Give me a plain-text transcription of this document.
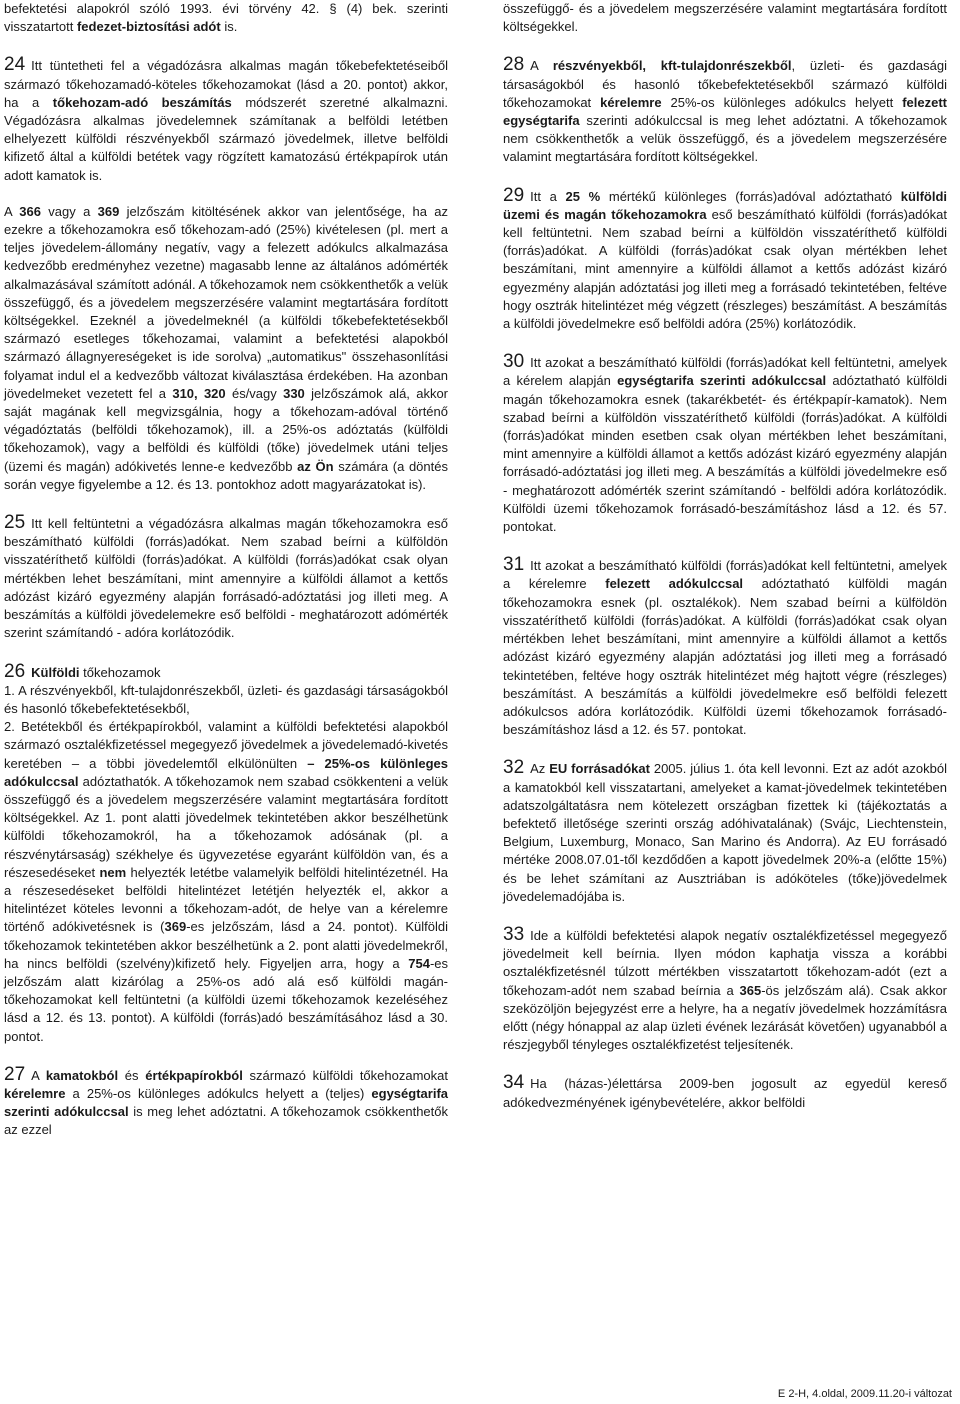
befektetési alapokról szóló 1993. évi törvény 42. § (4) bek. szerinti visszatartott fedezet-biztosítási adót is.

24 Itt tüntetheti fel a végadózásra alkalmas magán tőkebefektetéseiből származó tőkehozamadó-köteles tőkehozamokat (lásd a 20. pontot) akkor, ha a tőkehozam-adó beszámítás módszerét szeretné alkalmazni. Végadózásra alkalmas jövedelemnek számítanak a belföldi letétben elhelyezett külföldi részvényekből származó jövedelmek, illetve belföldi kifizető által a külföldi betétek vagy rögzített kamatozású értékpapírok után adott kamatok is.

A 366 vagy a 369 jelzőszám kitöltésének akkor van jelentősége, ha az ezekre a tőkehozamokra eső tőkehozam-adó (25%) kivételesen (pl. mert a teljes jövedelem-állomány negatív, vagy a felezett adókulcs alkalmazása kedvezőbb eredményhez vezetne) magasabb lenne az általános adómérték alkalmazásával számított adónál. A tőkehozamok nem csökkenthetők a velük összefüggő, és a jövedelem megszerzésére valamint megtartására fordított költségekkel. Ezeknél a jövedelmeknél (a külföldi tőkebefektetésekből származó esetleges tőkehozamai, valamint a befektetési alapokból származó állagnyereségeket is ide sorolva) „automatikus" összehasonlítási folyamat indul el a kedvezőbb változat kiválasztása érdekében. Ha azonban jövedelmeket vezetett fel a 310, 320 és/vagy 330 jelzőszámok alá, akkor saját magának kell megvizsgálnia, hogy a tőkehozam-adóval történő végadóztatás (belföldi tőkehozamok), ill. a 25%-os adóztatás (külföldi tőkehozamok), vagy a belföldi és külföldi (tőke) jövedelmek utáni teljes (üzemi és magán) adókivetés lenne-e kedvezőbb az Ön számára (a döntés során vegye figyelembe a 12. és 13. pontokhoz adott magyarázatokat is).

25 Itt kell feltüntetni a végadózásra alkalmas magán tőkehozamokra eső beszámítható külföldi (forrás)adókat. Nem szabad beírni a külföldön visszatéríthető külföldi (forrás)adókat. A külföldi (forrás)adókat csak olyan mértékben lehet beszámítani, mint amennyire a külföldi államot a kettős adózást kizáró egyezmény alapján forrásadó-adóztatási jog illeti meg. A beszámítás a külföldi jövedelemekre eső belföldi - meghatározott adómérték szerint számítandó - adóra korlátozódik.

26 Külföldi tőkehozamok
1. A részvényekből, kft-tulajdonrészekből, üzleti- és gazdasági társaságokból és hasonló tőkebefektetésekből,
2. Betétekből és értékpapírokból, valamint a külföldi befektetési alapokból származó osztalékfizetéssel megegyező jövedelmek a jövedelemadó-kivetés keretében – a többi jövedelemtől elkülönülten – 25%-os különleges adókulccsal adóztathatók. A tőkehozamok nem szabad csökkenteni a velük összefüggő és a jövedelem megszerzésére valamint megtartására fordított költségekkel. Az 1. pont alatti jövedelmek tekintetében akkor beszélhetünk külföldi tőkehozamokról, ha a tőkehozamok adósának (pl. a részvénytársaság) székhelye és ügyvezetése egyaránt külföldön van, és a részesedéseket nem helyezték letétbe valamelyik belföldi hitelintézetnél. Ha a részesedéseket belföldi hitelintézet letétjén helyezték el, akkor a hitelintézet köteles levonni a tőkehozam-adót, de helye van a kérelemre történő adókivetésnek is (369-es jelzőszám, lásd a 24. pontot). Külföldi tőkehozamok tekintetében akkor beszélhetünk a 2. pont alatti jövedelmekről, ha nincs belföldi (szelvény)kifizető hely. Figyeljen arra, hogy a 754-es jelzőszám alatt kizárólag a 25%-os adó alá eső külföldi magán-tőkehozamokat kell feltüntetni (a külföldi üzemi tőkehozamok kezeléséhez lásd a 12. és 13. pontot). A külföldi (forrás)adó beszámításához lásd a 30. pontot.

27 A kamatokból és értékpapírokból származó külföldi tőkehozamokat kérelemre a 25%-os különleges adókulcs helyett a (teljes) egységtarifa szerinti adókulccsal is meg lehet adóztatni. A tőkehozamok csökkenthetők az ezzel

összefüggő- és a jövedelem megszerzésére valamint megtartására fordított költségekkel.

28 A részvényekből, kft-tulajdonrészekből, üzleti- és gazdasági társaságokból és hasonló tőkebefektetésekből származó külföldi tőkehozamokat kérelemre 25%-os különleges adókulcs helyett felezett egységtarifa szerinti adókulccsal is meg lehet adóztatni. A tőkehozamok nem csökkenthetők a velük összefüggő, és a jövedelem megszerzésére valamint megtartására fordított költségekkel.

29 Itt a 25 % mértékű különleges (forrás)adóval adóztatható külföldi üzemi és magán tőkehozamokra eső beszámítható külföldi (forrás)adókat kell feltüntetni. Nem szabad beírni a külföldön visszatéríthető külföldi (forrás)adókat. A külföldi (forrás)adókat csak olyan mértékben lehet beszámítani, mint amennyire a külföldi államot a kettős adózást kizáró egyezmény alapján adóztatási jog illeti meg a forrásadó tekintetében, feltéve hogy osztrák hitelintézet még végzett (részleges) beszámítást. A beszámítás a külföldi jövedelmekre eső belföldi adóra (25%) korlátozódik.

30 Itt azokat a beszámítható külföldi (forrás)adókat kell feltüntetni, amelyek a kérelem alapján egységtarifa szerinti adókulccsal adóztatható külföldi magán tőkehozamokra esnek (takarékbetét- és értékpapír-kamatok). Nem szabad beírni a külföldön visszatéríthető külföldi (forrás)adókat. A külföldi (forrás)adókat minden esetben csak olyan mértékben lehet beszámítani, mint amennyire a külföldi államot a kettős adózást kizáró egyezmény alapján forrásadó-adóztatási jog illeti meg. A beszámítás a külföldi jövedelmekre eső - meghatározott adómérték szerint számítandó - belföldi adóra korlátozódik. Külföldi üzemi tőkehozamok forrásadó-beszámításhoz lásd a 12. és 57. pontokat.

31 Itt azokat a beszámítható külföldi (forrás)adókat kell feltüntetni, amelyek a kérelemre felezett adókulccsal adóztatható külföldi magán tőkehozamokra esnek (pl. osztalékok). Nem szabad beírni a külföldön visszatéríthető külföldi (forrás)adókat. A külföldi (forrás)adókat csak olyan mértékben lehet beszámítani, mint amennyire a külföldi államot a kettős adózást kizáró egyezmény alapján adóztatási jog illeti meg a forrásadó tekintetében, feltéve hogy osztrák hitelintézet még hajtott végre (részleges) beszámítást. A beszámítás a külföldi jövedelmekre eső belföldi felezett adókulcsos adóra korlátozódik. Külföldi üzemi tőkehozamok forrásadó-beszámításhoz lásd a 12. és 57. pontokat.

32 Az EU forrásadókat 2005. július 1. óta kell levonni. Ezt az adót azokból a kamatokból kell visszatartani, amelyeket a kamat-jövedelmek tekintetében adatszolgáltatásra nem kötelezett országban fizettek ki (tájékoztatás a befektető illetősége szerinti ország adóhivatalának) (Svájc, Liechtenstein, Belgium, Luxemburg, Monaco, San Marino és Andorra). Az EU forrásadó mértéke 2008.07.01-től kezdődően a kapott jövedelmek 20%-a (előtte 15%) és be lehet számítani az Ausztriában is adóköteles (tőke)jövedelmek jövedelemadójába is.

33 Ide a külföldi befektetési alapok negatív osztalékfizetéssel megegyező jövedelmeit kell beírnia. Ilyen módon kaphatja vissza a korábbi osztalékfizetésnél túlzott mértékben visszatartott tőkehozam-adót (ezt a tőkehozam-adót nem szabad beírnia a 365-ös jelzőszám alá). Csak akkor szeközöljön bejegyzést erre a helyre, ha a negatív jövedelmek hozzámításra előtt (négy hónappal az alap üzleti évének lezárását követően) ugyanabból a részjegyből tényleges osztalékfizetést teljesítenék.

34 Ha (házas-)élettársa 2009-ben jogosult az egyedül kereső adókedvezményének igénybevételére, akkor belföldi

E 2-H, 4.oldal, 2009.11.20-i változat
